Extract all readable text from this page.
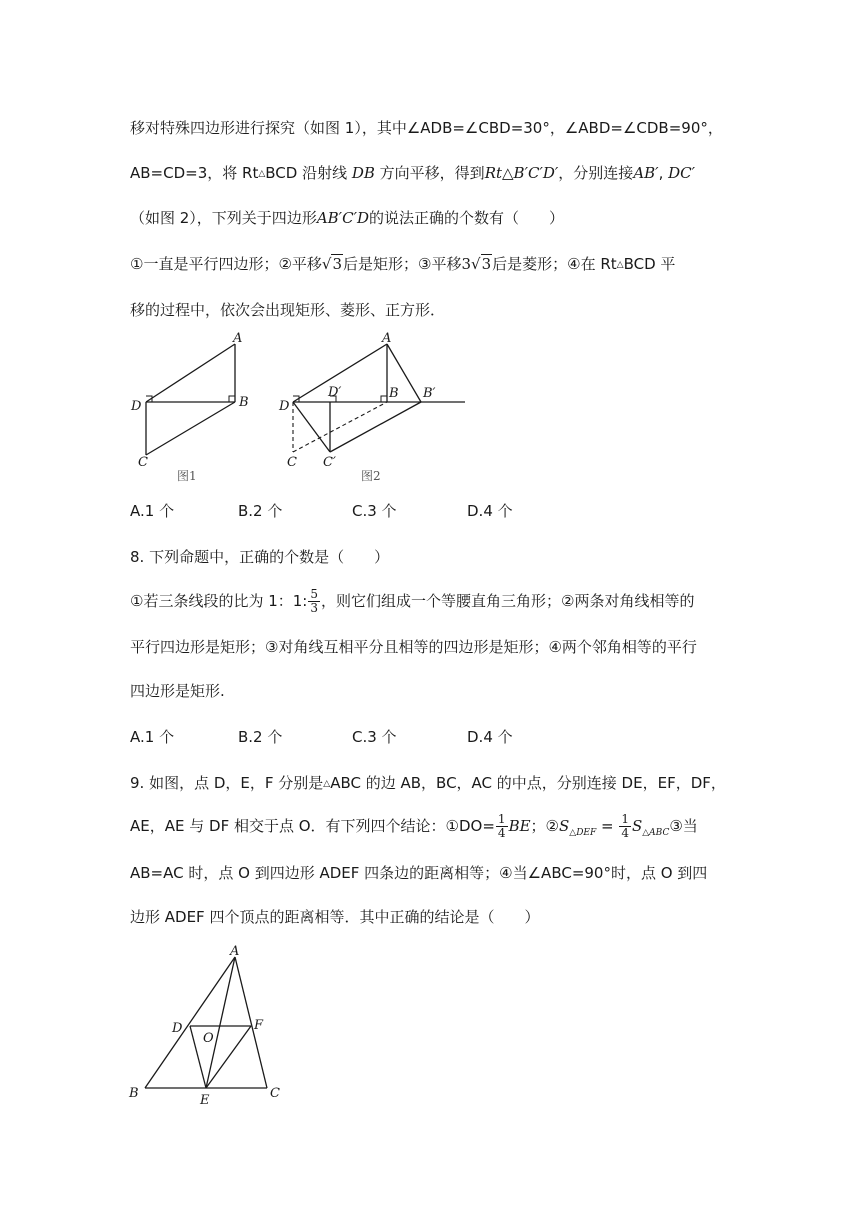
移对特殊四边形进行探究（如图 1），其中∠ADB=∠CBD=30°，∠ABD=∠CDB=90°，
AB=CD=3，将 Rt△BCD 沿射线 DB 方向平移，得到Rt△B′C′D′，分别连接AB′, DC′
（如图 2），下列关于四边形AB′C′D的说法正确的个数有（　　）
①一直是平行四边形；②平移√3后是矩形；③平移3√3后是菱形；④在 Rt△BCD 平
移的过程中，依次会出现矩形、菱形、正方形．
A
B
D
C
图1
A
D′	B B′
D
C C′
图2
A.1 个	B.2 个	C.3 个	D.4 个
8. 下列命题中，正确的个数是（　　）
①若三条线段的比为 1：1: $\frac{5}{3}$ ，则它们组成一个等腰直角三角形；②两条对角线相等的
平行四边形是矩形；③对角线互相平分且相等的四边形是矩形；④两个邻角相等的平行
四边形是矩形.
A.1 个	B.2 个	C.3 个	D.4 个
9. 如图，点 D，E，F 分别是△ABC 的边 AB，BC，AC 的中点，分别连接 DE，EF，DF，
AE，AE 与 DF 相交于点 O．有下列四个结论：①DO= $\frac{1}{4}$ BE；$②S_{\triangle DEF} = \frac{1}{4}$ $S_{\triangle ABC}③$当
AB=AC 时，点 O 到四边形 ADEF 四条边的距离相等；④当∠ABC=90°时，点 O 到四
边形 ADEF 四个顶点的距离相等．其中正确的结论是（　　）
A
D
O
F
B	E	C
